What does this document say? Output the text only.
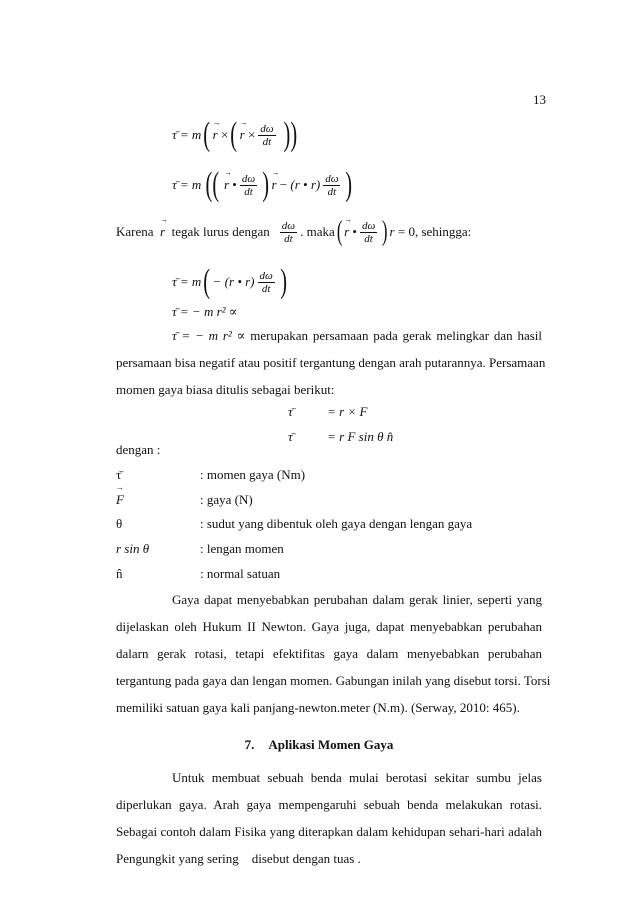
13
τ̄ = m ( → r
× ( → r
× $\frac{d\omega}{dt}$ ))
τ̄ = m (( → r
• $\frac{d\omega}{dt}$ ) → r
−
(r • $r) \frac{d\omega}{dt}$ )
Karena
→ r
tegak lurus dengan $\frac{d\omega}{dt}$ . maka ( → r
• $\frac{d\omega}{dt}$ ) r
= 0, sehingga:
τ̄ = m ( − (r • $r) \frac{d\omega}{dt}$ )
τ̄ = − m r² ∝
τ̄ = − m r² ∝ merupakan persamaan pada gerak melingkar dan hasil
persamaan bisa negatif atau positif tergantung dengan arah putarannya. Persamaan
momen gaya biasa ditulis sebagai berikut:
τ̄	= r × F
τ̄	= r F sin θ n̂
dengan :
τ̄	: momen gaya (Nm)
→ F	: gaya (N)
θ	: sudut yang dibentuk oleh gaya dengan lengan gaya
r sin θ	: lengan momen
n̂	: normal satuan
Gaya dapat menyebabkan perubahan dalam gerak linier, seperti yang
dijelaskan oleh Hukum II Newton. Gaya juga, dapat menyebabkan perubahan
dalarn gerak rotasi, tetapi efektifitas gaya dalam menyebabkan perubahan
tergantung pada gaya dan lengan momen. Gabungan inilah yang disebut torsi. Torsi
memiliki satuan gaya kali panjang-newton.meter (N.m). (Serway, 2010: 465).
7. Aplikasi Momen Gaya
Untuk membuat sebuah benda mulai berotasi sekitar sumbu jelas
diperlukan gaya. Arah gaya mempengaruhi sebuah benda melakukan rotasi.
Sebagai contoh dalam Fisika yang diterapkan dalam kehidupan sehari-hari adalah
Pengungkit yang sering    disebut dengan tuas .
